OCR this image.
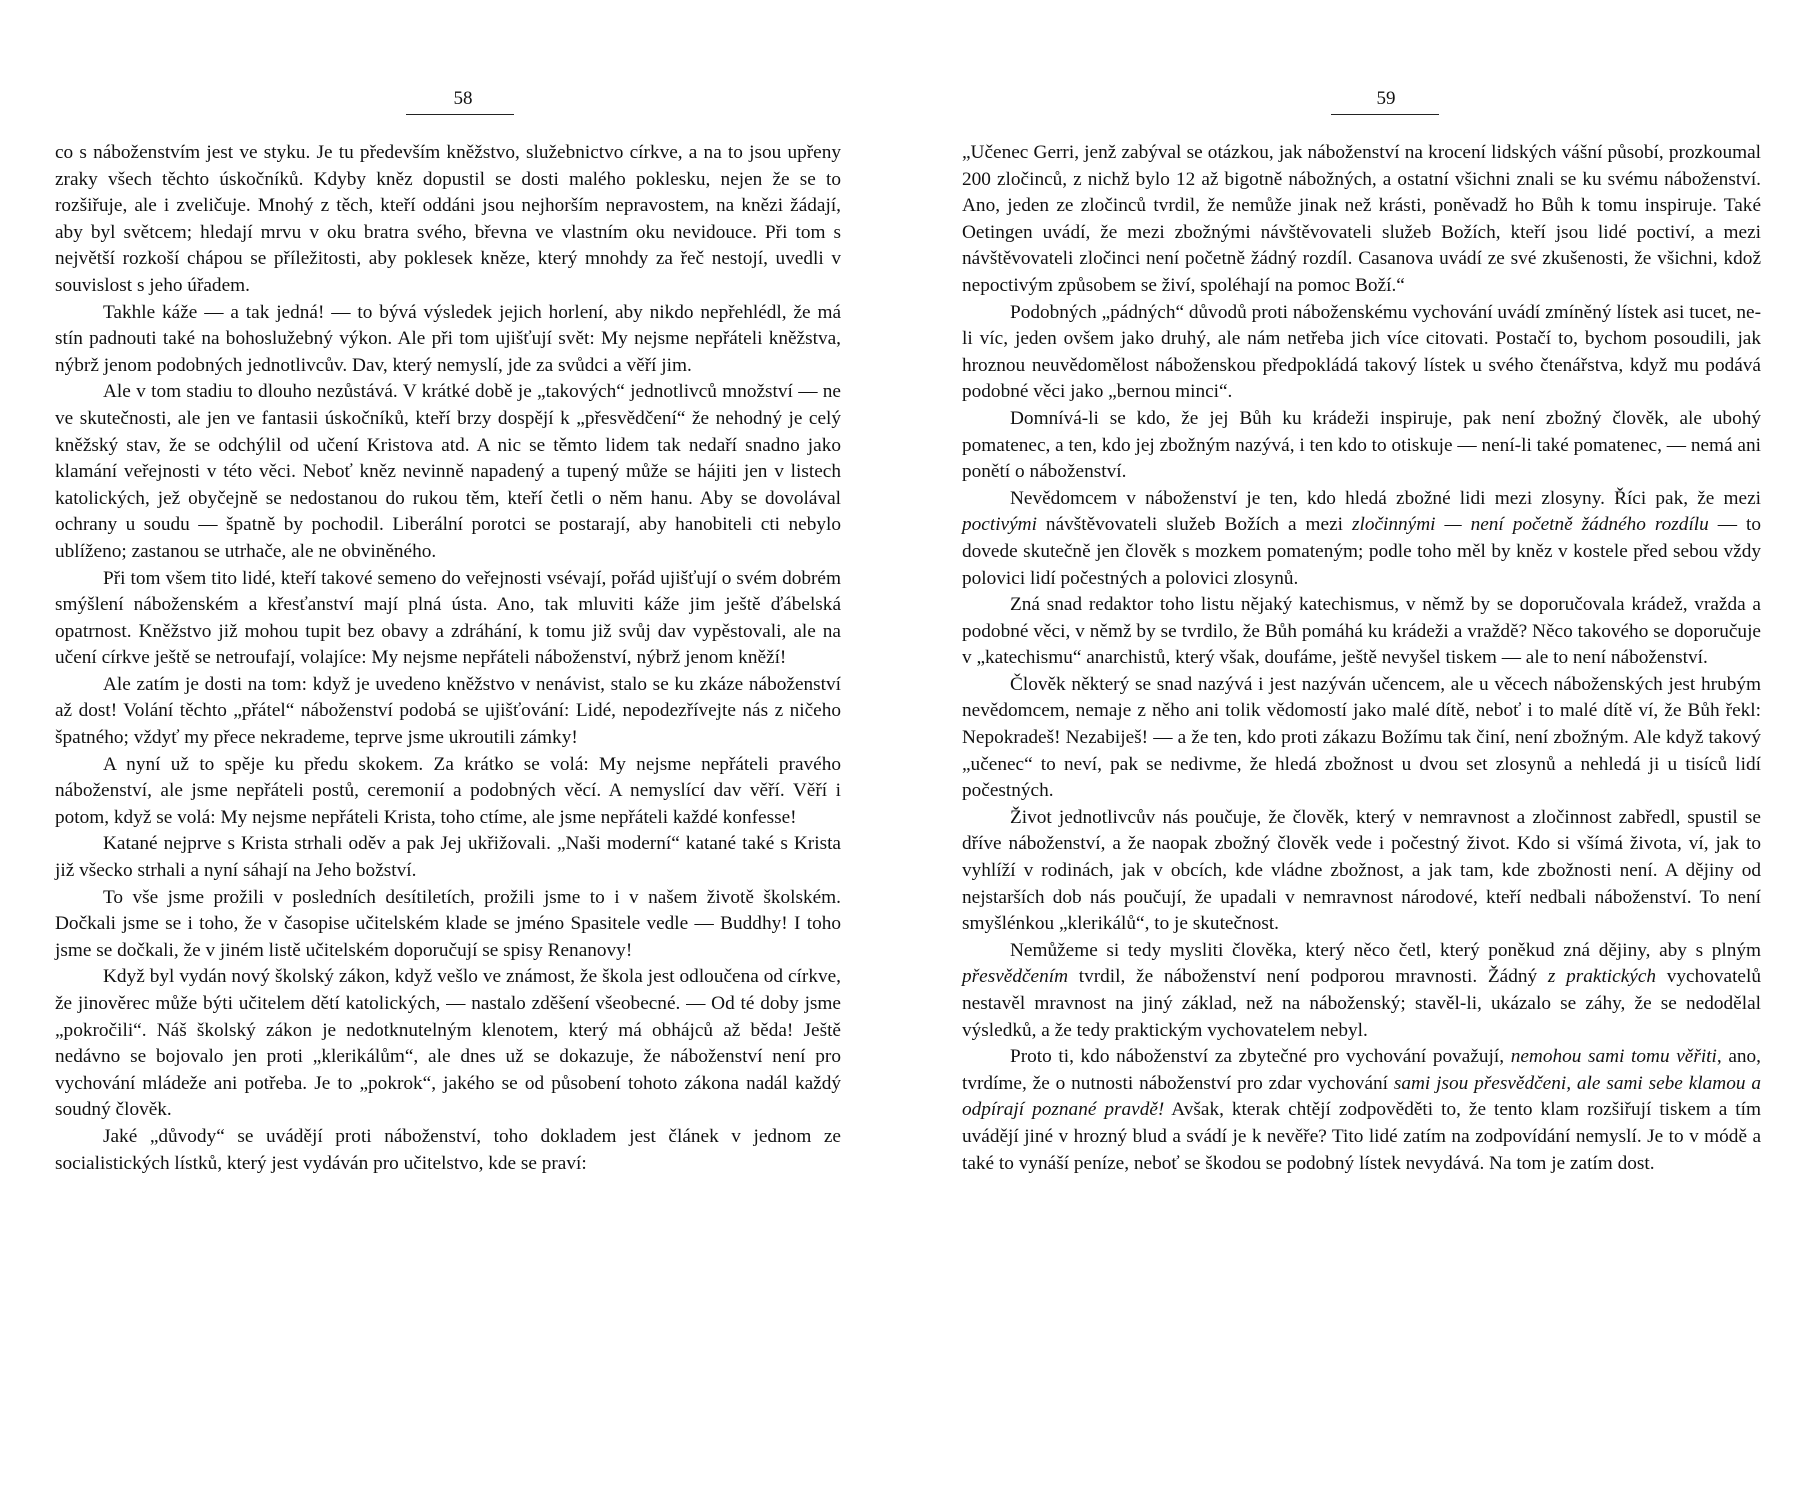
58

co s náboženstvím jest ve styku. Je tu především kněžstvo, služebnictvo církve, a na to jsou upřeny zraky všech těchto úskočníků. Kdyby kněz dopustil se dosti malého poklesku, nejen že se to rozšiřuje, ale i zveličuje. Mnohý z těch, kteří oddáni jsou nejhorším nepravostem, na knězi žádají, aby byl světcem; hledají mrvu v oku bratra svého, břevna ve vlastním oku nevidouce. Při tom s největší rozkoší chápou se příležitosti, aby poklesek kněze, který mnohdy za řeč nestojí, uvedli v souvislost s jeho úřadem.

Takhle káže — a tak jedná! — to bývá výsledek jejich horlení, aby nikdo nepřehlédl, že má stín padnouti také na bohoslužebný výkon. Ale při tom ujišťují svět: My nejsme nepřáteli kněžstva, nýbrž jenom podobných jednotlivcův. Dav, který nemyslí, jde za svůdci a věří jim.

Ale v tom stadiu to dlouho nezůstává. V krátké době je „takových“ jednotlivců množství — ne ve skutečnosti, ale jen ve fantasii úskočníků, kteří brzy dospějí k „přesvědčení“ že nehodný je celý kněžský stav, že se odchýlil od učení Kristova atd. A nic se těmto lidem tak nedaří snadno jako klamání veřejnosti v této věci. Neboť kněz nevinně napadený a tupený může se hájiti jen v listech katolických, jež obyčejně se nedostanou do rukou těm, kteří četli o něm hanu. Aby se dovolával ochrany u soudu — špatně by pochodil. Liberální porotci se postarají, aby hanobiteli cti nebylo ublíženo; zastanou se utrhače, ale ne obviněného.

Při tom všem tito lidé, kteří takové semeno do veřejnosti vsévají, pořád ujišťují o svém dobrém smýšlení náboženském a křesťanství mají plná ústa. Ano, tak mluviti káže jim ještě ďábelská opatrnost. Kněžstvo již mohou tupit bez obavy a zdráhání, k tomu již svůj dav vypěstovali, ale na učení církve ještě se netroufají, volajíce: My nejsme nepřáteli náboženství, nýbrž jenom kněží!

Ale zatím je dosti na tom: když je uvedeno kněžstvo v nenávist, stalo se ku zkáze náboženství až dost! Volání těchto „přátel“ náboženství podobá se ujišťování: Lidé, nepodezřívejte nás z ničeho špatného; vždyť my přece nekrademe, teprve jsme ukroutili zámky!

A nyní už to spěje ku předu skokem. Za krátko se volá: My nejsme nepřáteli pravého náboženství, ale jsme nepřáteli postů, ceremonií a podobných věcí. A nemyslící dav věří. Věří i potom, když se volá: My nejsme nepřáteli Krista, toho ctíme, ale jsme nepřáteli každé konfesse!

Katané nejprve s Krista strhali oděv a pak Jej ukřižovali. „Naši moderní“ katané také s Krista již všecko strhali a nyní sáhají na Jeho božství.

To vše jsme prožili v posledních desítiletích, prožili jsme to i v našem životě školském. Dočkali jsme se i toho, že v časopise učitelském klade se jméno Spasitele vedle — Buddhy! I toho jsme se dočkali, že v jiném listě učitelském doporučují se spisy Renanovy!

Když byl vydán nový školský zákon, když vešlo ve známost, že škola jest odloučena od církve, že jinověrec může býti učitelem dětí katolických, — nastalo zděšení všeobecné. — Od té doby jsme „pokročili“. Náš školský zákon je nedotknutelným klenotem, který má obhájců až běda! Ještě nedávno se bojovalo jen proti „klerikálům“, ale dnes už se dokazuje, že náboženství není pro vychování mládeže ani potřeba. Je to „pokrok“, jakého se od působení tohoto zákona nadál každý soudný člověk.

Jaké „důvody“ se uvádějí proti náboženství, toho dokladem jest článek v jednom ze socialistických lístků, který jest vydáván pro učitelstvo, kde se praví:

59

„Učenec Gerri, jenž zabýval se otázkou, jak náboženství na krocení lidských vášní působí, prozkoumal 200 zločinců, z nichž bylo 12 až bigotně nábožných, a ostatní všichni znali se ku svému náboženství. Ano, jeden ze zločinců tvrdil, že nemůže jinak než krásti, poněvadž ho Bůh k tomu inspiruje. Také Oetingen uvádí, že mezi zbožnými návštěvovateli služeb Božích, kteří jsou lidé poctiví, a mezi návštěvovateli zločinci není početně žádný rozdíl. Casanova uvádí ze své zkušenosti, že všichni, kdož nepoctivým způsobem se živí, spoléhají na pomoc Boží.“

Podobných „pádných“ důvodů proti náboženskému vychování uvádí zmíněný lístek asi tucet, ne-li víc, jeden ovšem jako druhý, ale nám netřeba jich více citovati. Postačí to, bychom posoudili, jak hroznou neuvědomělost náboženskou předpokládá takový lístek u svého čtenářstva, když mu podává podobné věci jako „bernou minci“.

Domnívá-li se kdo, že jej Bůh ku krádeži inspiruje, pak není zbožný člověk, ale ubohý pomatenec, a ten, kdo jej zbožným nazývá, i ten kdo to otiskuje — není-li také pomatenec, — nemá ani ponětí o náboženství.

Nevědomcem v náboženství je ten, kdo hledá zbožné lidi mezi zlosyny. Říci pak, že mezi poctivými návštěvovateli služeb Božích a mezi zločinnými — není početně žádného rozdílu — to dovede skutečně jen člověk s mozkem pomateným; podle toho měl by kněz v kostele před sebou vždy polovici lidí počestných a polovici zlosynů.

Zná snad redaktor toho listu nějaký katechismus, v němž by se doporučovala krádež, vražda a podobné věci, v němž by se tvrdilo, že Bůh pomáhá ku krádeži a vraždě? Něco takového se doporučuje v „katechismu“ anarchistů, který však, doufáme, ještě nevyšel tiskem — ale to není náboženství.

Člověk některý se snad nazývá i jest nazýván učencem, ale u věcech náboženských jest hrubým nevědomcem, nemaje z něho ani tolik vědomostí jako malé dítě, neboť i to malé dítě ví, že Bůh řekl: Nepokradeš! Nezabiješ! — a že ten, kdo proti zákazu Božímu tak činí, není zbožným. Ale když takový „učenec“ to neví, pak se nedivme, že hledá zbožnost u dvou set zlosynů a nehledá ji u tisíců lidí počestných.

Život jednotlivcův nás poučuje, že člověk, který v nemravnost a zločinnost zabředl, spustil se dříve náboženství, a že naopak zbožný člověk vede i počestný život. Kdo si všímá života, ví, jak to vyhlíží v rodinách, jak v obcích, kde vládne zbožnost, a jak tam, kde zbožnosti není. A dějiny od nejstarších dob nás poučují, že upadali v nemravnost národové, kteří nedbali náboženství. To není smyšlénkou „klerikálů“, to je skutečnost.

Nemůžeme si tedy mysliti člověka, který něco četl, který poněkud zná dějiny, aby s plným přesvědčením tvrdil, že náboženství není podporou mravnosti. Žádný z praktických vychovatelů nestavěl mravnost na jiný základ, než na náboženský; stavěl-li, ukázalo se záhy, že se nedodělal výsledků, a že tedy praktickým vychovatelem nebyl.

Proto ti, kdo náboženství za zbytečné pro vychování považují, nemohou sami tomu věřiti, ano, tvrdíme, že o nutnosti náboženství pro zdar vychování sami jsou přesvědčeni, ale sami sebe klamou a odpírají poznané pravdě! Avšak, kterak chtějí zodpověděti to, že tento klam rozšiřují tiskem a tím uvádějí jiné v hrozný blud a svádí je k nevěře? Tito lidé zatím na zodpovídání nemyslí. Je to v módě a také to vynáší peníze, neboť se škodou se podobný lístek nevydává. Na tom je zatím dost.
